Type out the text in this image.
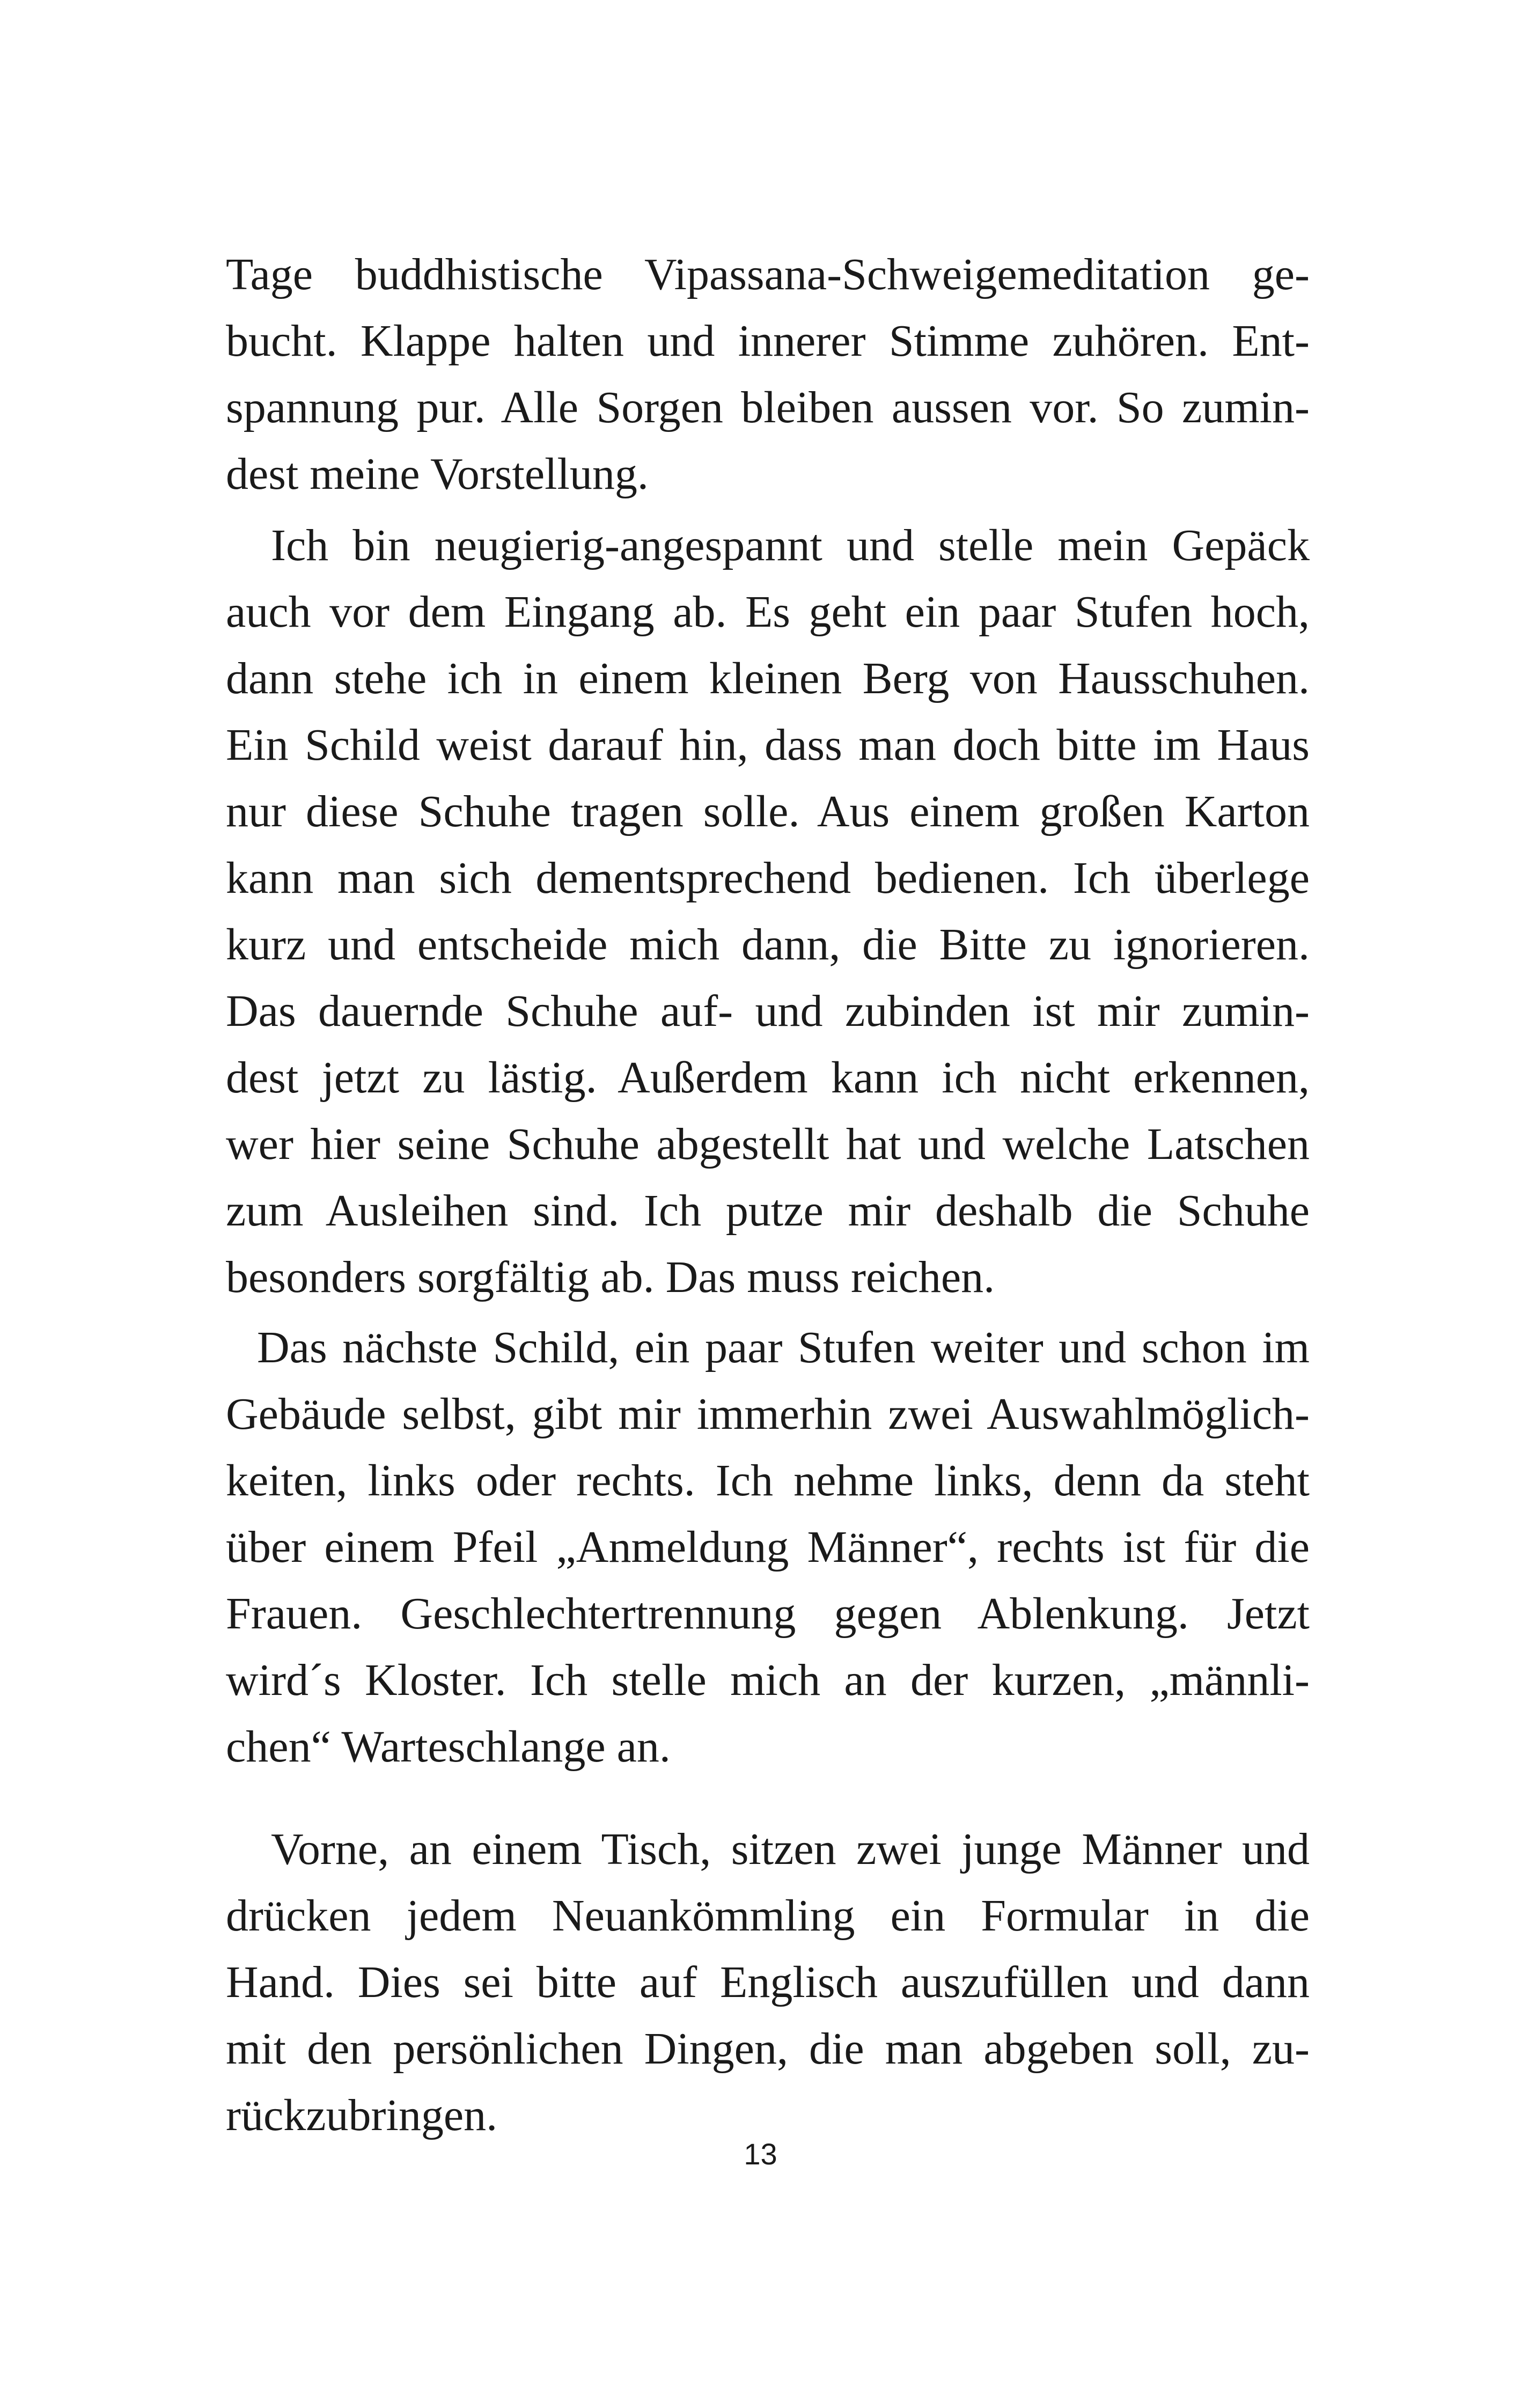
Tage buddhistische Vipassana-Schweigemeditation ge-
bucht. Klappe halten und innerer Stimme zuhören. Ent-
spannung pur. Alle Sorgen bleiben aussen vor. So zumin-
dest meine Vorstellung.
Ich bin neugierig-angespannt und stelle mein Gepäck
auch vor dem Eingang ab. Es geht ein paar Stufen hoch,
dann stehe ich in einem kleinen Berg von Hausschuhen.
Ein Schild weist darauf hin, dass man doch bitte im Haus
nur diese Schuhe tragen solle. Aus einem großen Karton
kann man sich dementsprechend bedienen. Ich überlege
kurz und entscheide mich dann, die Bitte zu ignorieren.
Das dauernde Schuhe auf- und zubinden ist mir zumin-
dest jetzt zu lästig. Außerdem kann ich nicht erkennen,
wer hier seine Schuhe abgestellt hat und welche Latschen
zum Ausleihen sind. Ich putze mir deshalb die Schuhe
besonders sorgfältig ab. Das muss reichen.
Das nächste Schild, ein paar Stufen weiter und schon im
Gebäude selbst, gibt mir immerhin zwei Auswahlmöglich-
keiten, links oder rechts. Ich nehme links, denn da steht
über einem Pfeil „Anmeldung Männer“, rechts ist für die
Frauen. Geschlechtertrennung gegen Ablenkung. Jetzt
wird´s Kloster. Ich stelle mich an der kurzen, „männli-
chen“ Warteschlange an.
Vorne, an einem Tisch, sitzen zwei junge Männer und
drücken jedem Neuankömmling ein Formular in die
Hand. Dies sei bitte auf Englisch auszufüllen und dann
mit den persönlichen Dingen, die man abgeben soll, zu-
rückzubringen.
13
